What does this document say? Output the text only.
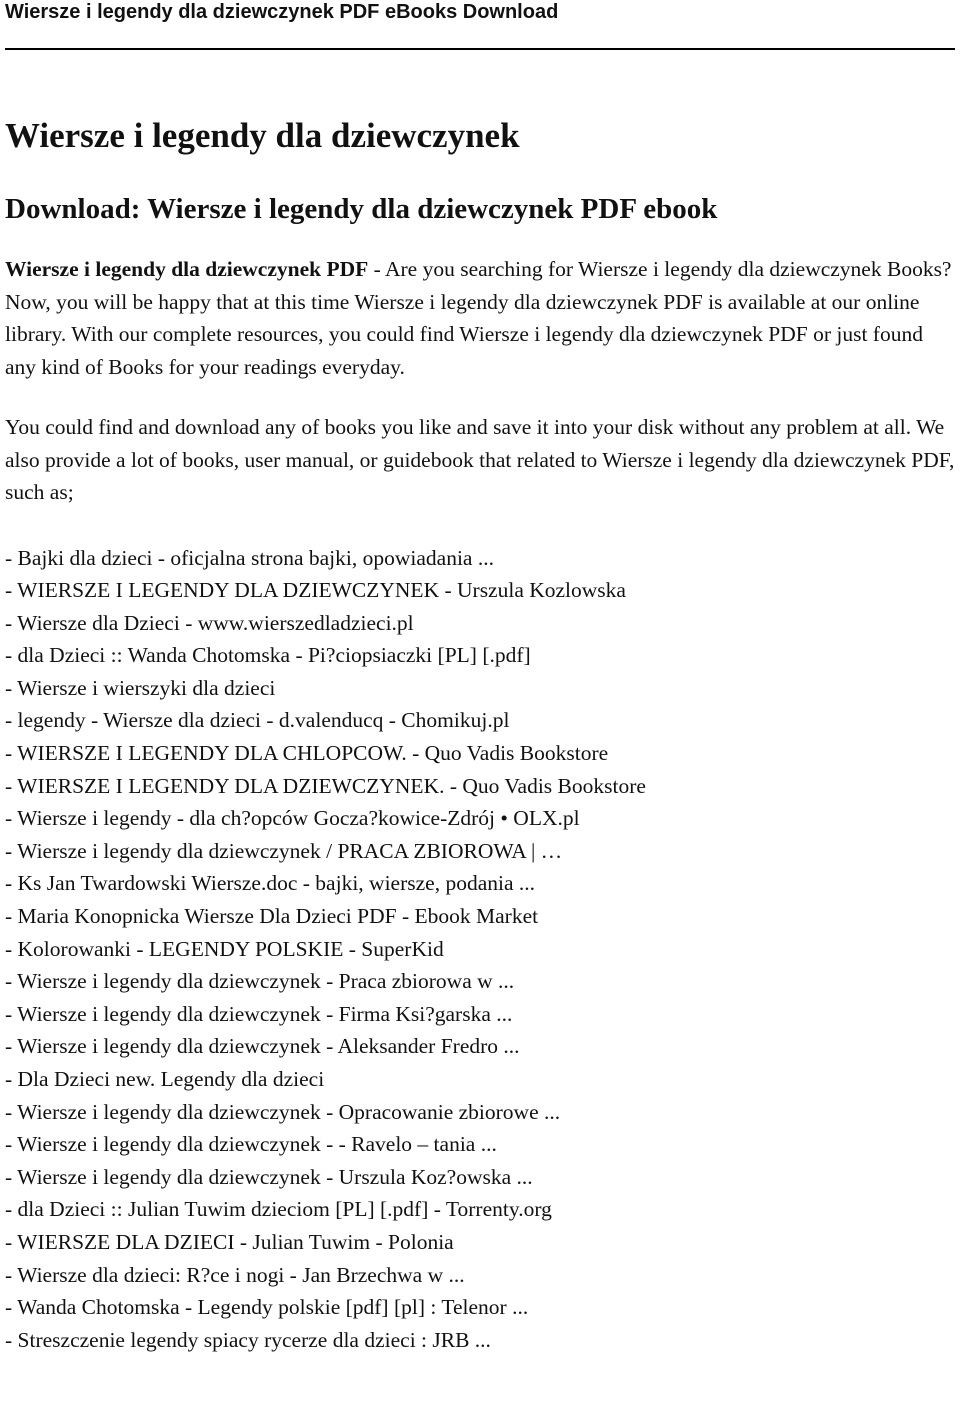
Wiersze i legendy dla dziewczynek PDF eBooks Download
Wiersze i legendy dla dziewczynek
Download: Wiersze i legendy dla dziewczynek PDF ebook

Wiersze i legendy dla dziewczynek PDF - Are you searching for Wiersze i legendy dla dziewczynek Books? Now, you will be happy that at this time Wiersze i legendy dla dziewczynek PDF is available at our online library. With our complete resources, you could find Wiersze i legendy dla dziewczynek PDF or just found any kind of Books for your readings everyday.

You could find and download any of books you like and save it into your disk without any problem at all. We also provide a lot of books, user manual, or guidebook that related to Wiersze i legendy dla dziewczynek PDF, such as;

- Bajki dla dzieci - oficjalna strona bajki, opowiadania ...
- WIERSZE I LEGENDY DLA DZIEWCZYNEK - Urszula Kozlowska
- Wiersze dla Dzieci - www.wierszedladzieci.pl
- dla Dzieci :: Wanda Chotomska - Pi?ciopsiaczki [PL] [.pdf]
- Wiersze i wierszyki dla dzieci
- legendy - Wiersze dla dzieci - d.valenducq - Chomikuj.pl
- WIERSZE I LEGENDY DLA CHLOPCOW. - Quo Vadis Bookstore
- WIERSZE I LEGENDY DLA DZIEWCZYNEK. - Quo Vadis Bookstore
- Wiersze i legendy - dla ch?opców Gocza?kowice-Zdrój • OLX.pl
- Wiersze i legendy dla dziewczynek / PRACA ZBIOROWA | …
- Ks Jan Twardowski Wiersze.doc - bajki, wiersze, podania ...
- Maria Konopnicka Wiersze Dla Dzieci PDF - Ebook Market
- Kolorowanki - LEGENDY POLSKIE - SuperKid
- Wiersze i legendy dla dziewczynek - Praca zbiorowa w ...
- Wiersze i legendy dla dziewczynek - Firma Ksi?garska ...
- Wiersze i legendy dla dziewczynek - Aleksander Fredro ...
- Dla Dzieci new. Legendy dla dzieci
- Wiersze i legendy dla dziewczynek - Opracowanie zbiorowe ...
- Wiersze i legendy dla dziewczynek - - Ravelo – tania ...
- Wiersze i legendy dla dziewczynek - Urszula Koz?owska ...
- dla Dzieci :: Julian Tuwim dzieciom [PL] [.pdf] - Torrenty.org
- WIERSZE DLA DZIECI - Julian Tuwim - Polonia
- Wiersze dla dzieci: R?ce i nogi - Jan Brzechwa w ...
- Wanda Chotomska - Legendy polskie [pdf] [pl] : Telenor ...
- Streszczenie legendy spiacy rycerze dla dzieci : JRB ...
